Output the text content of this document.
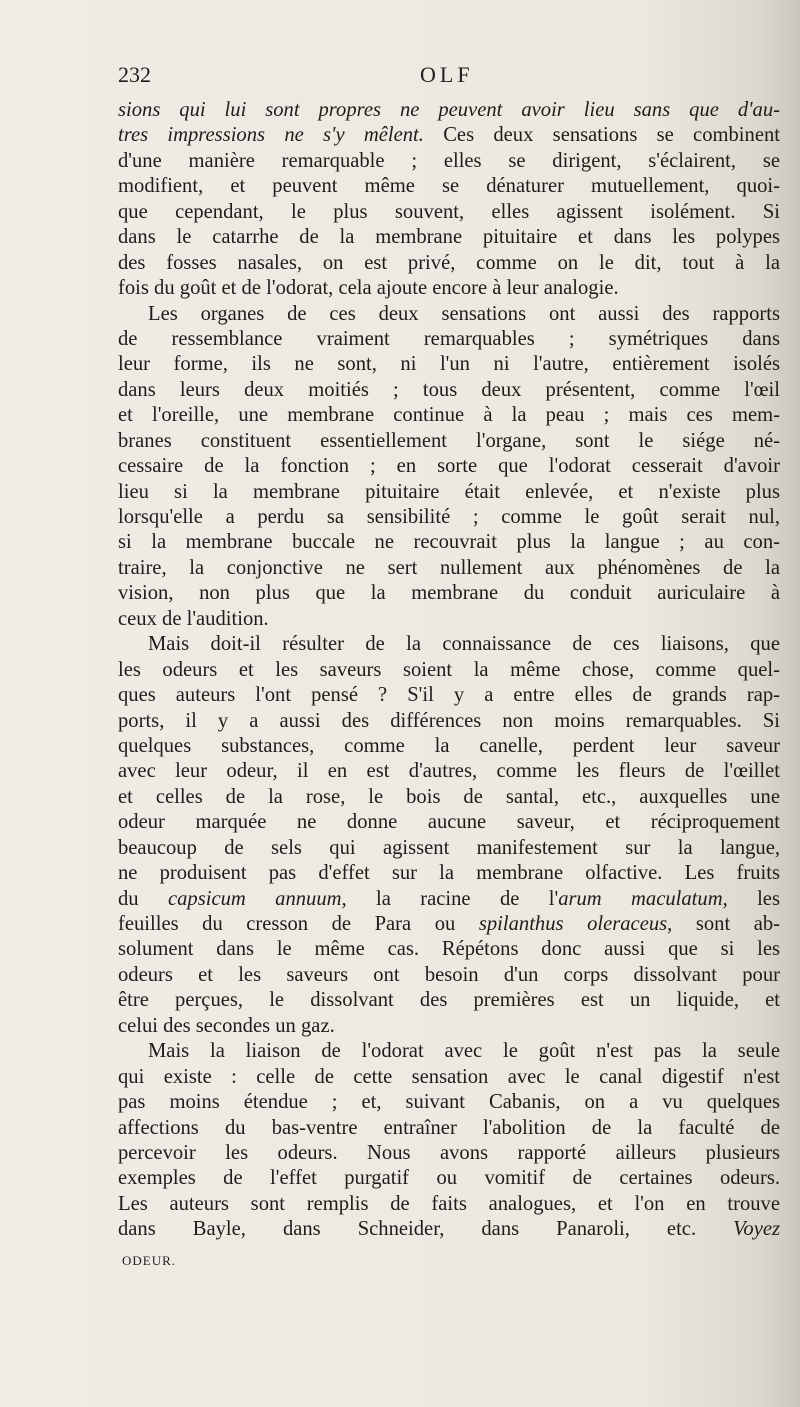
232	OLF
sions qui lui sont propres ne peuvent avoir lieu sans que d'au-
tres impressions ne s'y mêlent. Ces deux sensations se combinent
d'une manière remarquable ; elles se dirigent, s'éclairent, se
modifient, et peuvent même se dénaturer mutuellement, quoi-
que cependant, le plus souvent, elles agissent isolément. Si
dans le catarrhe de la membrane pituitaire et dans les polypes
des fosses nasales, on est privé, comme on le dit, tout à la
fois du goût et de l'odorat, cela ajoute encore à leur analogie.
Les organes de ces deux sensations ont aussi des rapports
de ressemblance vraiment remarquables ; symétriques dans
leur forme, ils ne sont, ni l'un ni l'autre, entièrement isolés
dans leurs deux moitiés ; tous deux présentent, comme l'œil
et l'oreille, une membrane continue à la peau ; mais ces mem-
branes constituent essentiellement l'organe, sont le siége né-
cessaire de la fonction ; en sorte que l'odorat cesserait d'avoir
lieu si la membrane pituitaire était enlevée, et n'existe plus
lorsqu'elle a perdu sa sensibilité ; comme le goût serait nul,
si la membrane buccale ne recouvrait plus la langue ; au con-
traire, la conjonctive ne sert nullement aux phénomènes de la
vision, non plus que la membrane du conduit auriculaire à
ceux de l'audition.
Mais doit-il résulter de la connaissance de ces liaisons, que
les odeurs et les saveurs soient la même chose, comme quel-
ques auteurs l'ont pensé ? S'il y a entre elles de grands rap-
ports, il y a aussi des différences non moins remarquables. Si
quelques substances, comme la canelle, perdent leur saveur
avec leur odeur, il en est d'autres, comme les fleurs de l'œillet
et celles de la rose, le bois de santal, etc., auxquelles une
odeur marquée ne donne aucune saveur, et réciproquement
beaucoup de sels qui agissent manifestement sur la langue,
ne produisent pas d'effet sur la membrane olfactive. Les fruits
du capsicum annuum, la racine de l'arum maculatum, les
feuilles du cresson de Para ou spilanthus oleraceus, sont ab-
solument dans le même cas. Répétons donc aussi que si les
odeurs et les saveurs ont besoin d'un corps dissolvant pour
être perçues, le dissolvant des premières est un liquide, et
celui des secondes un gaz.
Mais la liaison de l'odorat avec le goût n'est pas la seule
qui existe : celle de cette sensation avec le canal digestif n'est
pas moins étendue ; et, suivant Cabanis, on a vu quelques
affections du bas-ventre entraîner l'abolition de la faculté de
percevoir les odeurs. Nous avons rapporté ailleurs plusieurs
exemples de l'effet purgatif ou vomitif de certaines odeurs.
Les auteurs sont remplis de faits analogues, et l'on en trouve
dans Bayle, dans Schneider, dans Panaroli, etc. Voyez
ODEUR.
